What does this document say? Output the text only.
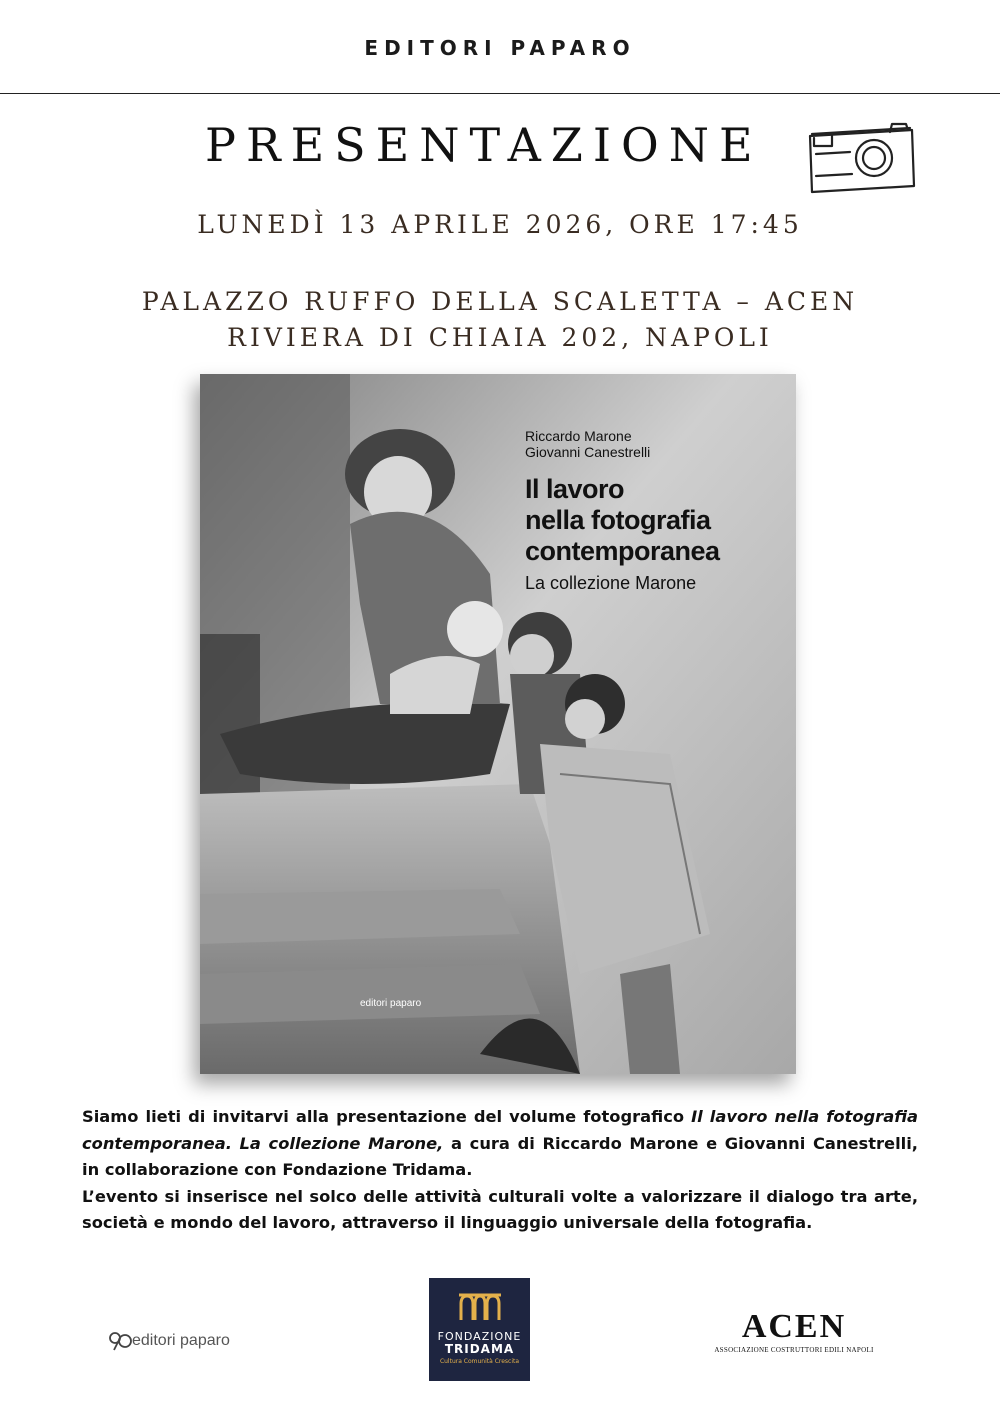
EDITORI PAPARO
PRESENTAZIONE
LUNEDÌ 13 APRILE 2026, ORE 17:45
PALAZZO RUFFO DELLA SCALETTA – ACEN
RIVIERA DI CHIAIA 202, NAPOLI
Riccardo Marone
Giovanni Canestrelli
Il lavoro
nella fotografia
contemporanea
La collezione Marone
editori paparo

Siamo lieti di invitarvi alla presentazione del volume fotografico Il lavoro nella fotografia contemporanea. La collezione Marone, a cura di Riccardo Marone e Giovanni Canestrelli, in collaborazione con Fondazione Tridama.

L’evento si inserisce nel solco delle attività culturali volte a valorizzare il dialogo tra arte, società e mondo del lavoro, attraverso il linguaggio universale della fotografia.

editori paparo	FONDAZIONE
TRIDAMA
Cultura Comunità Crescita
ACEN
ASSOCIAZIONE COSTRUTTORI EDILI NAPOLI
